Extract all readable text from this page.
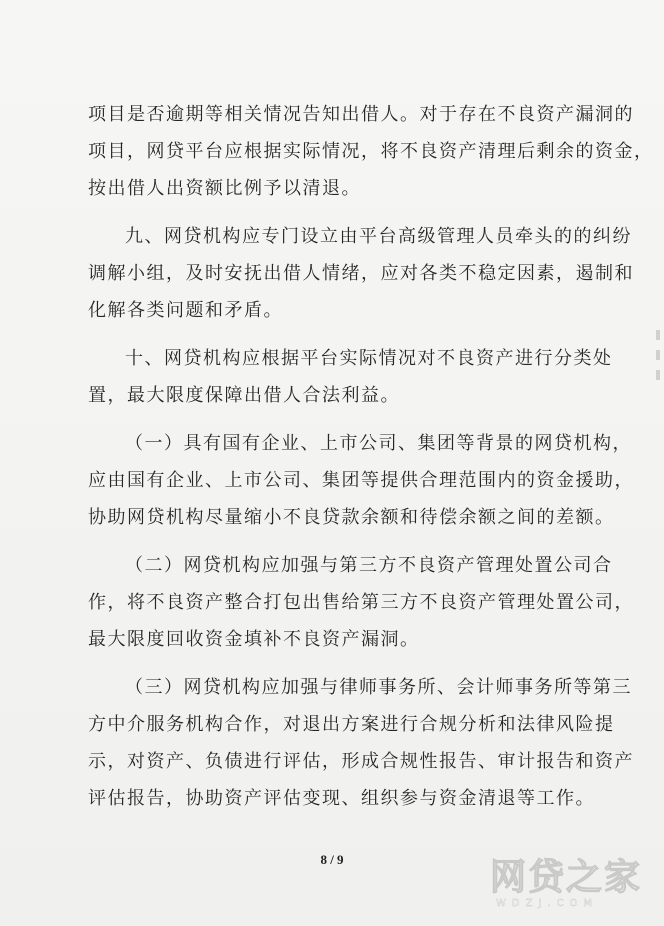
项目是否逾期等相关情况告知出借人。对于存在不良资产漏洞的
项目，网贷平台应根据实际情况，将不良资产清理后剩余的资金，
按出借人出资额比例予以清退。

九、网贷机构应专门设立由平台高级管理人员牵头的的纠纷
调解小组，及时安抚出借人情绪，应对各类不稳定因素，遏制和
化解各类问题和矛盾。

十、网贷机构应根据平台实际情况对不良资产进行分类处
置，最大限度保障出借人合法利益。

（一）具有国有企业、上市公司、集团等背景的网贷机构，
应由国有企业、上市公司、集团等提供合理范围内的资金援助，
协助网贷机构尽量缩小不良贷款余额和待偿余额之间的差额。

（二）网贷机构应加强与第三方不良资产管理处置公司合
作，将不良资产整合打包出售给第三方不良资产管理处置公司，
最大限度回收资金填补不良资产漏洞。

（三）网贷机构应加强与律师事务所、会计师事务所等第三
方中介服务机构合作，对退出方案进行合规分析和法律风险提
示，对资产、负债进行评估，形成合规性报告、审计报告和资产
评估报告，协助资产评估变现、组织参与资金清退等工作。

8 / 9	网贷之家
WDZJ.COM
